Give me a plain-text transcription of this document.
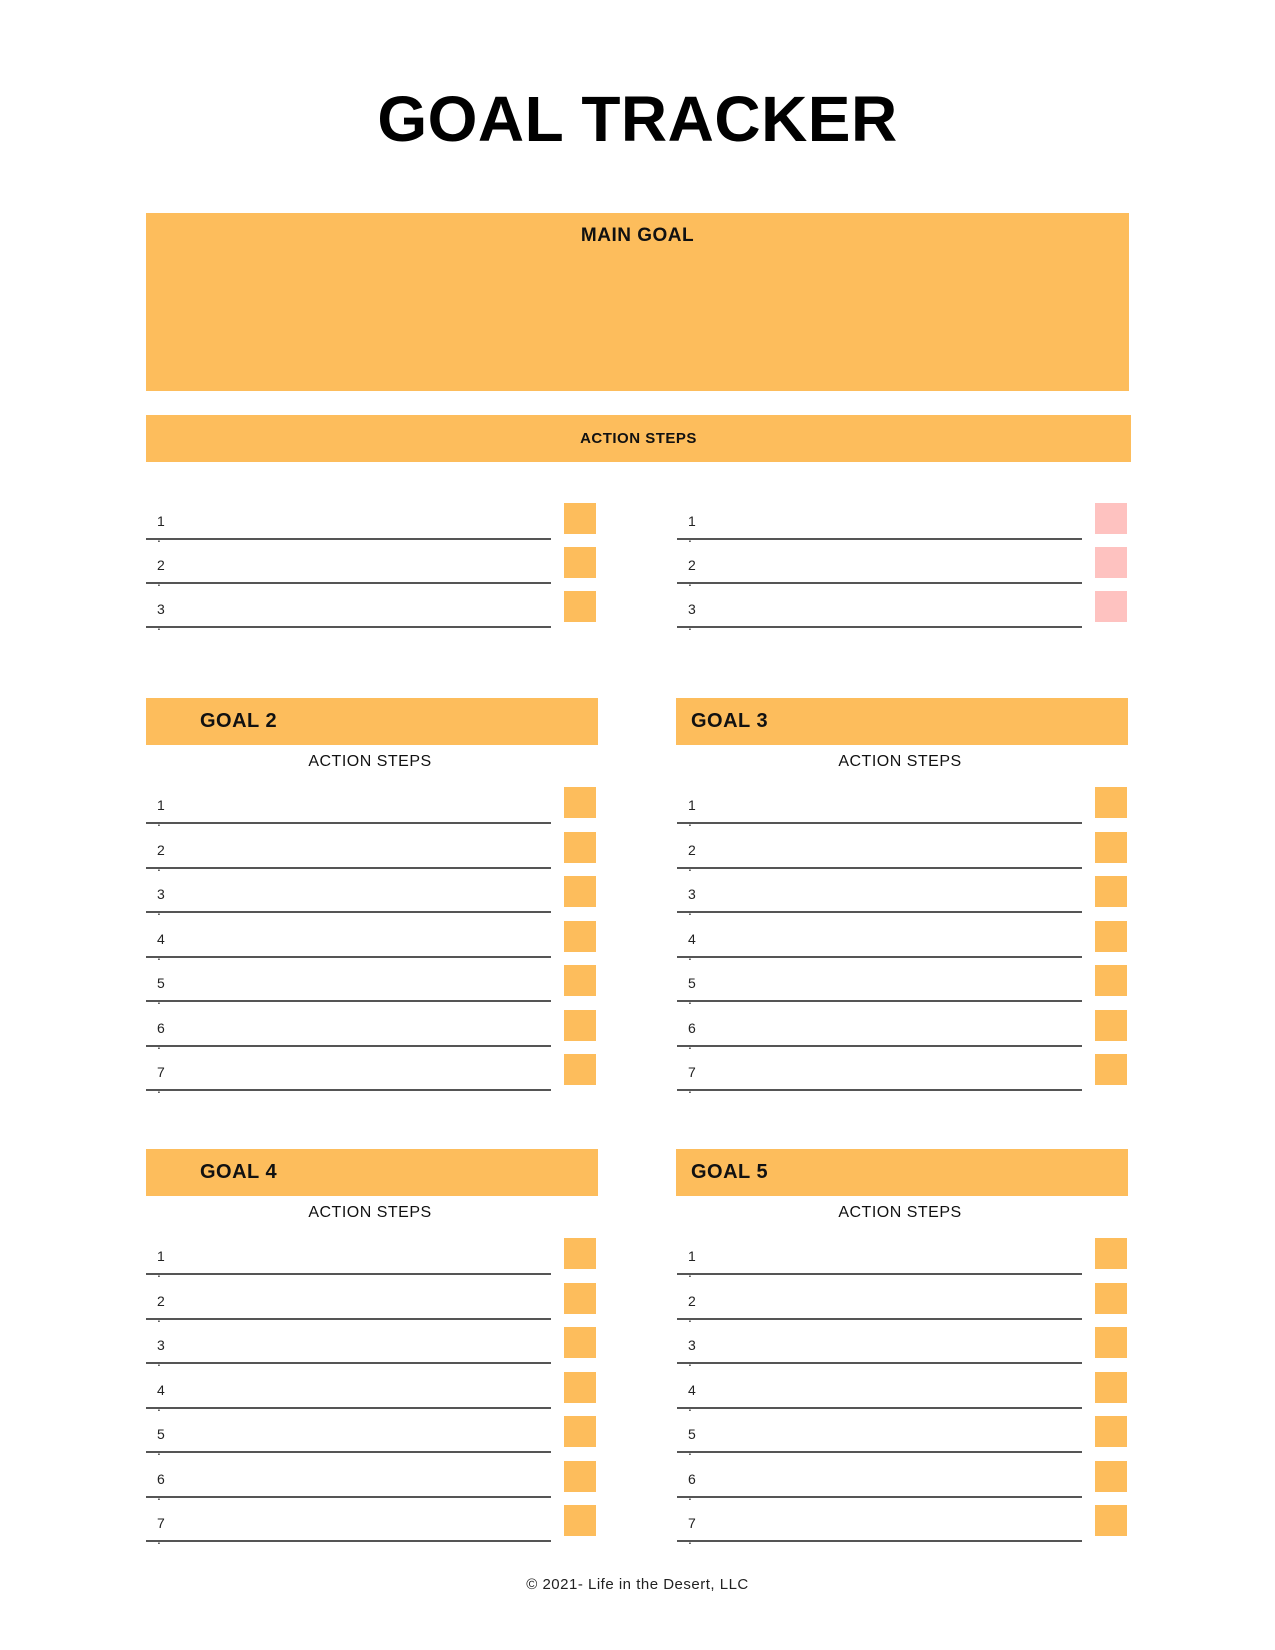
GOAL TRACKER
MAIN GOAL
ACTION STEPS
1 .
2 .
3 .
1 .
2 .
3 .
GOAL 2
ACTION STEPS
1 .
2 .
3 .
4 .
5 .
6 .
7 .
GOAL 3
ACTION STEPS
1 .
2 .
3 .
4 .
5 .
6 .
7 .
GOAL 4
ACTION STEPS
1 .
2 .
3 .
4 .
5 .
6 .
7 .
GOAL 5
ACTION STEPS
1 .
2 .
3 .
4 .
5 .
6 .
7 .
© 2021- Life in the Desert, LLC
